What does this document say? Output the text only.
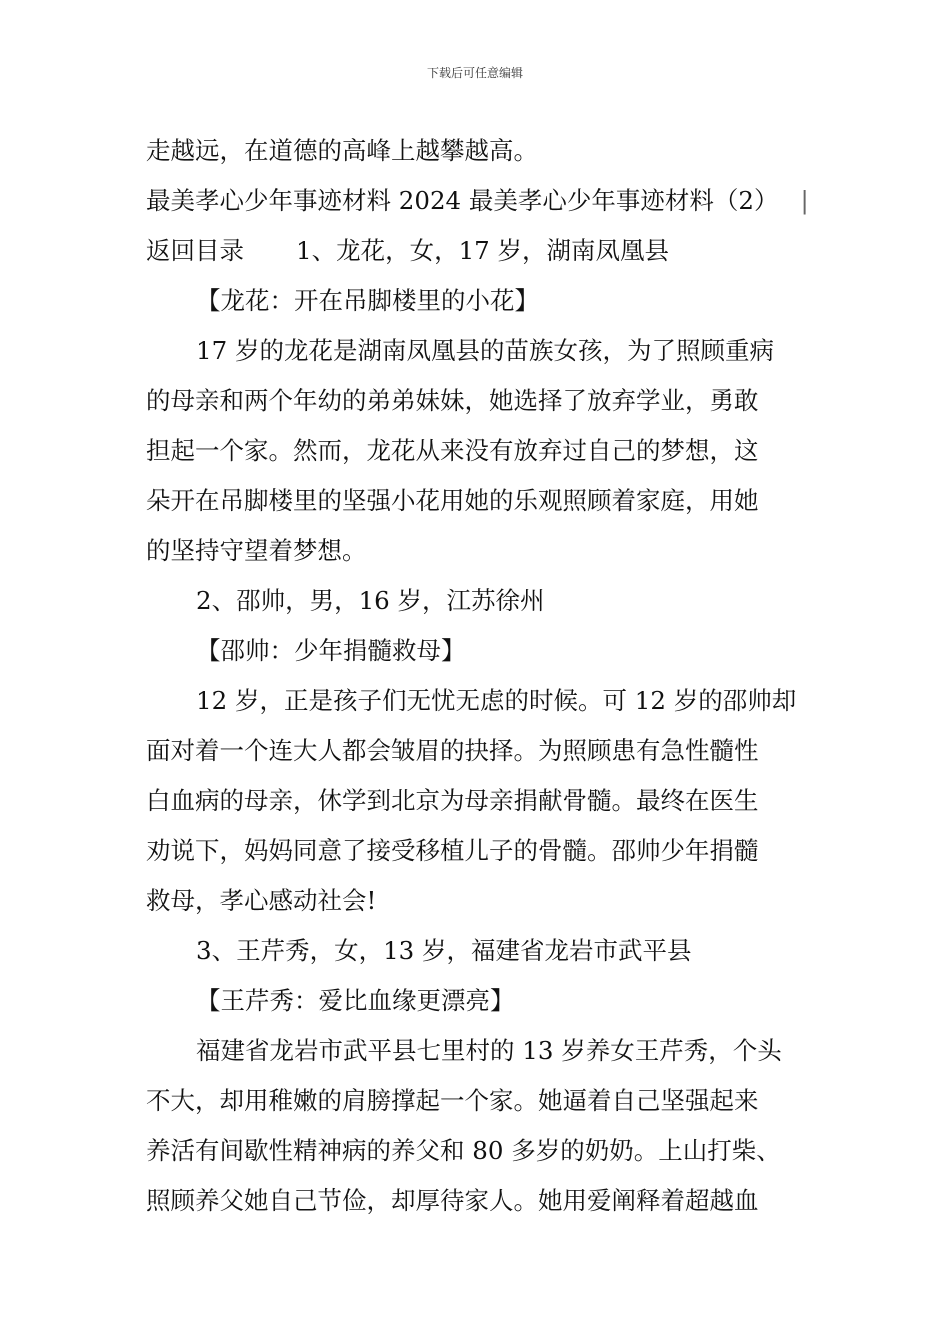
下载后可任意编辑
走越远，在道德的高峰上越攀越高。
最美孝心少年事迹材料 2024 最美孝心少年事迹材料（2） |
返回目录 1、龙花，女，17 岁，湖南凤凰县
【龙花：开在吊脚楼里的小花】
17 岁的龙花是湖南凤凰县的苗族女孩，为了照顾重病
的母亲和两个年幼的弟弟妹妹，她选择了放弃学业，勇敢
担起一个家。然而，龙花从来没有放弃过自己的梦想，这
朵开在吊脚楼里的坚强小花用她的乐观照顾着家庭，用她
的坚持守望着梦想。
2、邵帅，男，16 岁，江苏徐州
【邵帅：少年捐髓救母】
12 岁，正是孩子们无忧无虑的时候。可 12 岁的邵帅却
面对着一个连大人都会皱眉的抉择。为照顾患有急性髓性
白血病的母亲，休学到北京为母亲捐献骨髓。最终在医生
劝说下，妈妈同意了接受移植儿子的骨髓。邵帅少年捐髓
救母，孝心感动社会!
3、王芹秀，女，13 岁，福建省龙岩市武平县
【王芹秀：爱比血缘更漂亮】
福建省龙岩市武平县七里村的 13 岁养女王芹秀，个头
不大，却用稚嫩的肩膀撑起一个家。她逼着自己坚强起来
养活有间歇性精神病的养父和 80 多岁的奶奶。上山打柴、
照顾养父她自己节俭，却厚待家人。她用爱阐释着超越血
